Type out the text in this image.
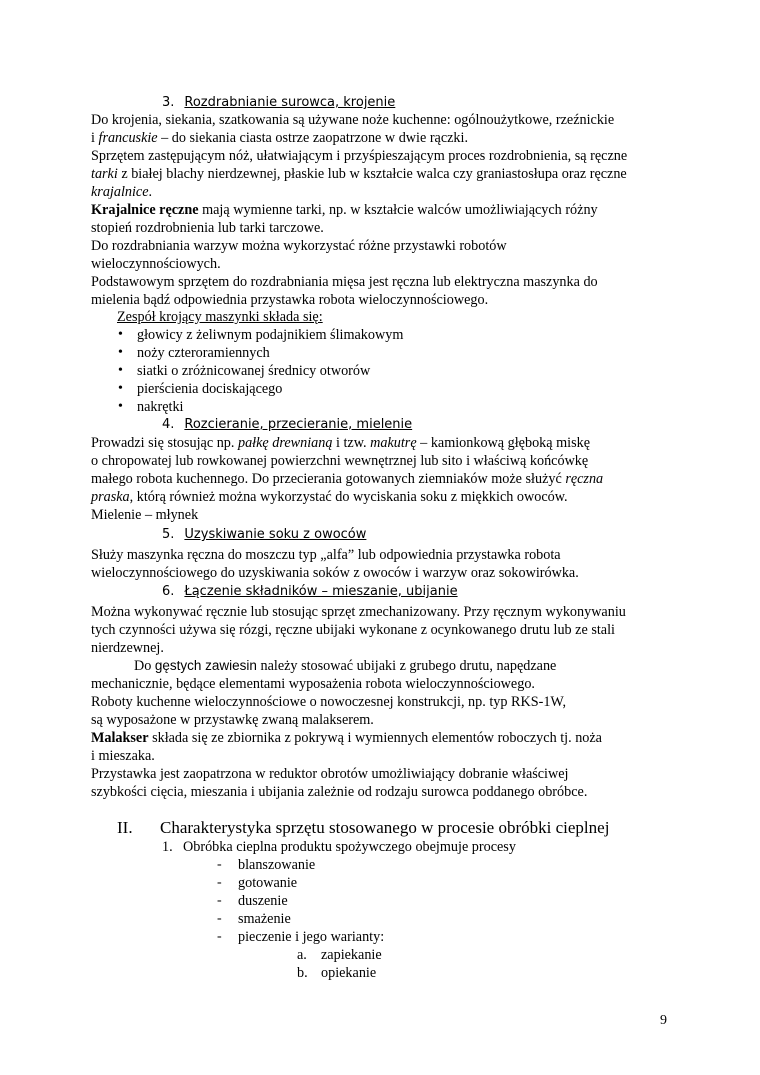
3. Rozdrabnianie surowca, krojenie
Do krojenia, siekania, szatkowania są używane noże kuchenne: ogólnoużytkowe, rzeźnickie
i francuskie – do siekania ciasta ostrze zaopatrzone w dwie rączki.
Sprzętem zastępującym nóż, ułatwiającym i przyśpieszającym proces rozdrobnienia, są ręczne
tarki z białej blachy nierdzewnej, płaskie lub w kształcie walca czy graniastosłupa oraz ręczne
krajalnice.
Krajalnice ręczne mają wymienne tarki, np. w kształcie walców umożliwiających różny
stopień rozdrobnienia lub tarki tarczowe.
Do rozdrabniania warzyw można wykorzystać różne przystawki robotów
wieloczynnościowych.
Podstawowym sprzętem do rozdrabniania mięsa jest ręczna lub elektryczna maszynka do
mielenia bądź odpowiednia przystawka robota wieloczynnościowego.
Zespół krojący maszynki składa się:
• głowicy z żeliwnym podajnikiem ślimakowym
• noży czteroramiennych
• siatki o zróżnicowanej średnicy otworów
• pierścienia dociskającego
• nakrętki
4. Rozcieranie, przecieranie, mielenie
Prowadzi się stosując np. pałkę drewnianą i tzw. makutrę – kamionkową głęboką miskę
o chropowatej lub rowkowanej powierzchni wewnętrznej lub sito i właściwą końcówkę
małego robota kuchennego. Do przecierania gotowanych ziemniaków może służyć ręczna
praska, którą również można wykorzystać do wyciskania soku z miękkich owoców.
Mielenie – młynek
5. Uzyskiwanie soku z owoców
Służy maszynka ręczna do moszczu typ „alfa” lub odpowiednia przystawka robota
wieloczynnościowego do uzyskiwania soków z owoców i warzyw oraz sokowirówka.
6. Łączenie składników – mieszanie, ubijanie
Można wykonywać ręcznie lub stosując sprzęt zmechanizowany. Przy ręcznym wykonywaniu
tych czynności używa się rózgi, ręczne ubijaki wykonane z ocynkowanego drutu lub ze stali
nierdzewnej.
Do gęstych zawiesin należy stosować ubijaki z grubego drutu, napędzane
mechanicznie, będące elementami wyposażenia robota wieloczynnościowego.
Roboty kuchenne wieloczynnościowe o nowoczesnej konstrukcji, np. typ RKS-1W,
są wyposażone w przystawkę zwaną malakserem.
Malakser składa się ze zbiornika z pokrywą i wymiennych elementów roboczych tj. noża
i mieszaka.
Przystawka jest zaopatrzona w reduktor obrotów umożliwiający dobranie właściwej
szybkości cięcia, mieszania i ubijania zależnie od rodzaju surowca poddanego obróbce.
II. Charakterystyka sprzętu stosowanego w procesie obróbki cieplnej
1. Obróbka cieplna produktu spożywczego obejmuje procesy
- blanszowanie
- gotowanie
- duszenie
- smażenie
- pieczenie i jego warianty:
a. zapiekanie
b. opiekanie
9
